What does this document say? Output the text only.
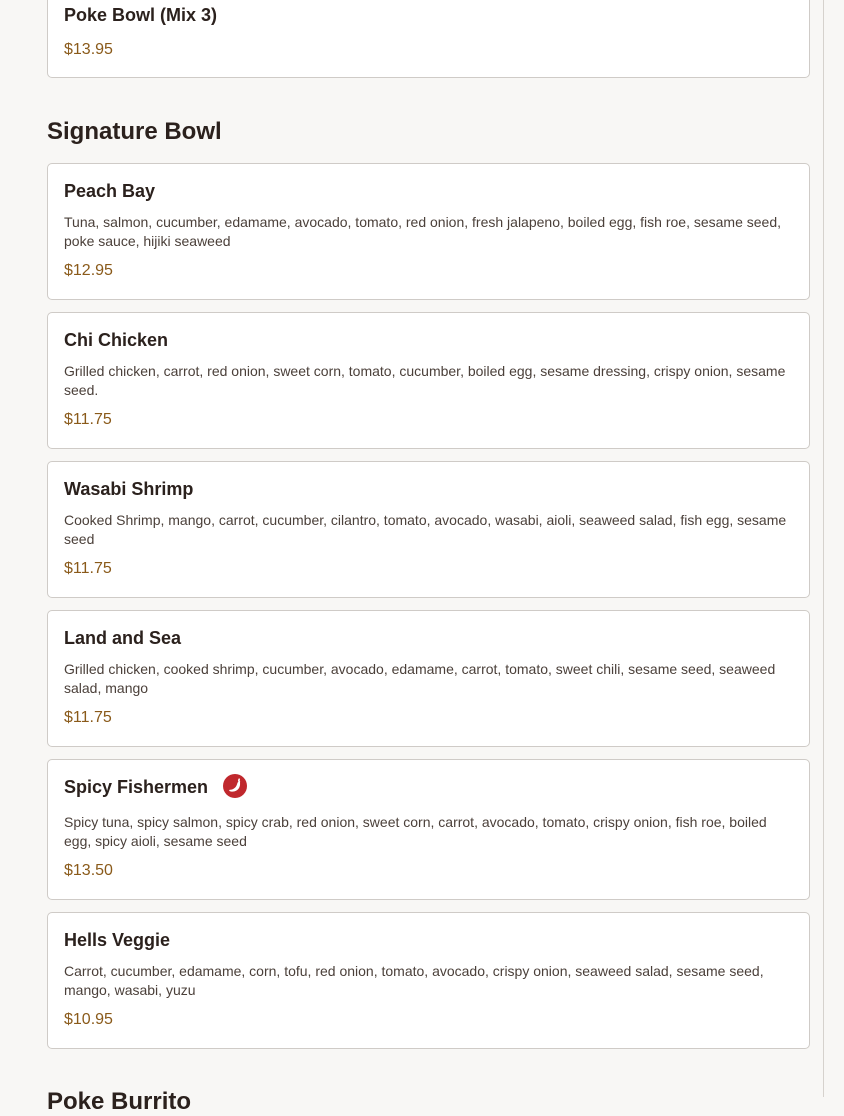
Poke Bowl (Mix 3)
$13.95
Signature Bowl
Peach Bay
Tuna, salmon, cucumber, edamame, avocado, tomato, red onion, fresh jalapeno, boiled egg, fish roe, sesame seed, poke sauce, hijiki seaweed
$12.95
Chi Chicken
Grilled chicken, carrot, red onion, sweet corn, tomato, cucumber, boiled egg, sesame dressing, crispy onion, sesame seed.
$11.75
Wasabi Shrimp
Cooked Shrimp, mango, carrot, cucumber, cilantro, tomato, avocado, wasabi, aioli, seaweed salad, fish egg, sesame seed
$11.75
Land and Sea
Grilled chicken, cooked shrimp, cucumber, avocado, edamame, carrot, tomato, sweet chili, sesame seed, seaweed salad, mango
$11.75
Spicy Fishermen
Spicy tuna, spicy salmon, spicy crab, red onion, sweet corn, carrot, avocado, tomato, crispy onion, fish roe, boiled egg, spicy aioli, sesame seed
$13.50
Hells Veggie
Carrot, cucumber, edamame, corn, tofu, red onion, tomato, avocado, crispy onion, seaweed salad, sesame seed, mango, wasabi, yuzu
$10.95
Poke Burrito
